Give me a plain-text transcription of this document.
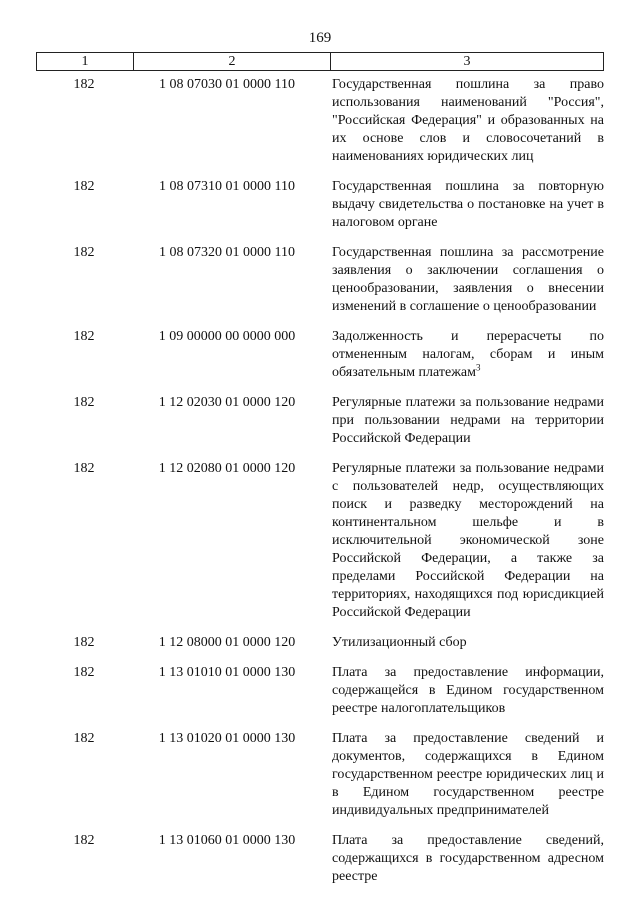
169
1	2	3
182	1 08 07030 01 0000 110	Государственная пошлина за право использования наименований "Россия", "Российская Федерация" и образованных на их основе слов и словосочетаний в наименованиях юридических лиц
182	1 08 07310 01 0000 110	Государственная пошлина за повторную выдачу свидетельства о постановке на учет в налоговом органе
182	1 08 07320 01 0000 110	Государственная пошлина за рассмотрение заявления о заключении соглашения о ценообразовании, заявления о внесении изменений в соглашение о ценообразовании
182	1 09 00000 00 0000 000	Задолженность и перерасчеты по отмененным налогам, сборам и иным обязательным платежам$^3$
182	1 12 02030 01 0000 120	Регулярные платежи за пользование недрами при пользовании недрами на территории Российской Федерации
182	1 12 02080 01 0000 120	Регулярные платежи за пользование недрами с пользователей недр, осуществляющих поиск и разведку месторождений на континентальном шельфе и в исключительной экономической зоне Российской Федерации, а также за пределами Российской Федерации на территориях, находящихся под юрисдикцией Российской Федерации
182	1 12 08000 01 0000 120	Утилизационный сбор
182	1 13 01010 01 0000 130	Плата за предоставление информации, содержащейся в Едином государственном реестре налогоплательщиков
182	1 13 01020 01 0000 130	Плата за предоставление сведений и документов, содержащихся в Едином государственном реестре юридических лиц и в Едином государственном реестре индивидуальных предпринимателей
182	1 13 01060 01 0000 130	Плата за предоставление сведений, содержащихся в государственном адресном реестре
